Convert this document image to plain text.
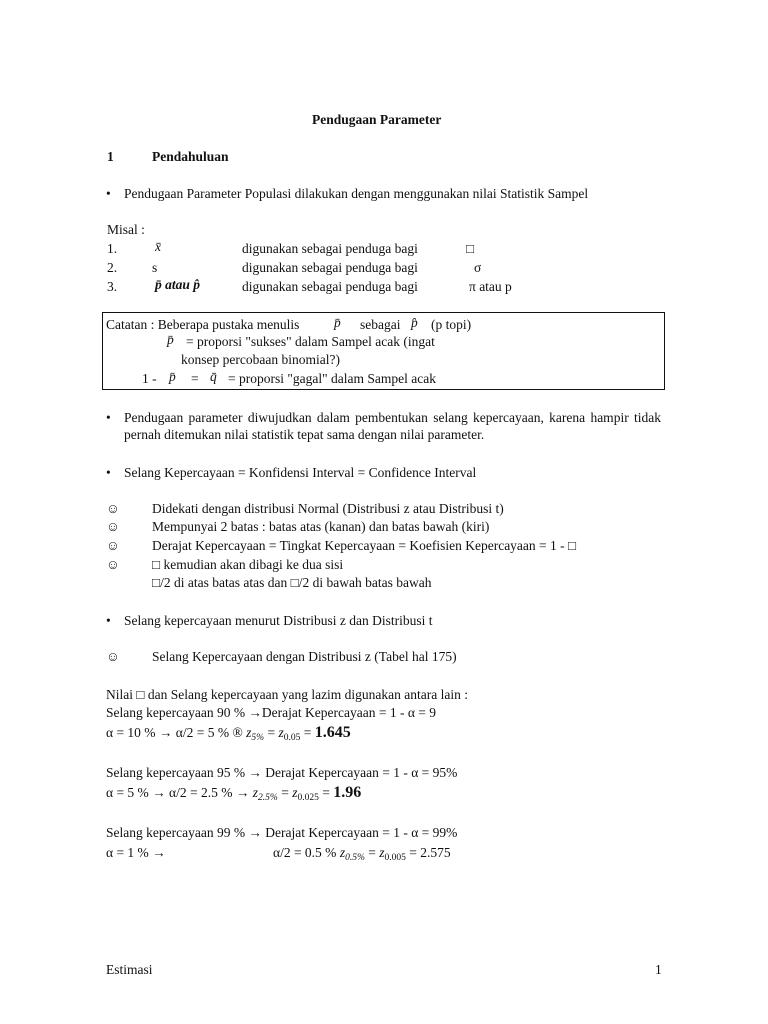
Pendugaan Parameter
1	Pendahuluan
• Pendugaan Parameter Populasi dilakukan dengan menggunakan nilai Statistik Sampel
Misal :
1.	x̄	digunakan sebagai penduga bagi	□
2.	s	digunakan sebagai penduga bagi	σ
3.	p̄ atau p̂	digunakan sebagai penduga bagi	π atau p
Catatan : Beberapa pustaka menulis	p̄ sebagai p̂ (p topi)
p̄ = proporsi "sukses" dalam Sampel acak (ingat
konsep percobaan binomial?)
1 - p̄ = q̄ = proporsi "gagal" dalam Sampel acak
• Pendugaan parameter diwujudkan dalam pembentukan selang kepercayaan, karena hampir tidak pernah ditemukan nilai statistik tepat sama dengan nilai parameter.
• Selang Kepercayaan = Konfidensi Interval = Confidence Interval
☺ Didekati dengan distribusi Normal (Distribusi z atau Distribusi t)
☺ Mempunyai 2 batas : batas atas (kanan) dan batas bawah (kiri)
☺ Derajat Kepercayaan = Tingkat Kepercayaan = Koefisien Kepercayaan = 1 - □
☺ □ kemudian akan dibagi ke dua sisi
□/2 di atas batas atas dan □/2 di bawah batas bawah
• Selang kepercayaan menurut Distribusi z dan Distribusi t
☺ Selang Kepercayaan dengan Distribusi z (Tabel hal 175)
Nilai □ dan Selang kepercayaan yang lazim digunakan antara lain :
Selang kepercayaan 90 % →Derajat Kepercayaan = 1 - α = 9
α = 10 % → α/2 = 5 % ® $z_{5\%} = z_{0.05} = 1.645$
Selang kepercayaan 95 % → Derajat Kepercayaan = 1 - α = 95%
α = 5 % → α/2 = 2.5 % → $z_{2.5\%} = z_{0.025} = 1.96$
Selang kepercayaan 99 % → Derajat Kepercayaan = 1 - α = 99%
α = 1 % →	α/2 = 0.5 % $z_{0.5\%} = z_{0.005} = 2.575$
Estimasi	1
